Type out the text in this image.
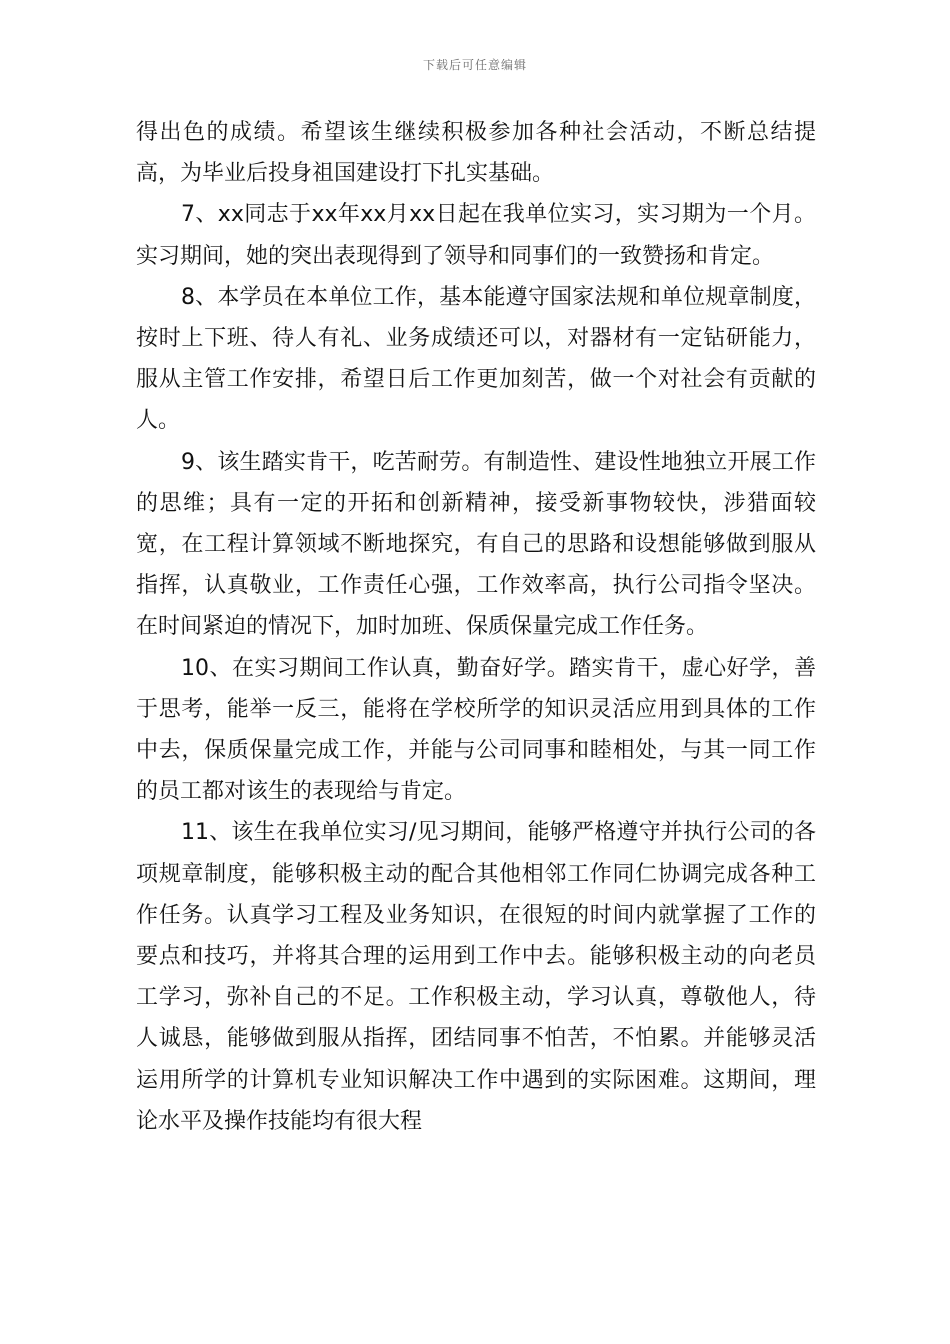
下载后可任意编辑

得出色的成绩。希望该生继续积极参加各种社会活动，不断总结提高，为毕业后投身祖国建设打下扎实基础。

7、xx同志于xx年xx月xx日起在我单位实习，实习期为一个月。实习期间，她的突出表现得到了领导和同事们的一致赞扬和肯定。

8、本学员在本单位工作，基本能遵守国家法规和单位规章制度，按时上下班、待人有礼、业务成绩还可以，对器材有一定钻研能力，服从主管工作安排，希望日后工作更加刻苦，做一个对社会有贡献的人。

9、该生踏实肯干，吃苦耐劳。有制造性、建设性地独立开展工作的思维；具有一定的开拓和创新精神，接受新事物较快，涉猎面较宽，在工程计算领域不断地探究，有自己的思路和设想能够做到服从指挥，认真敬业，工作责任心强，工作效率高，执行公司指令坚决。在时间紧迫的情况下，加时加班、保质保量完成工作任务。

10、在实习期间工作认真，勤奋好学。踏实肯干，虚心好学，善于思考，能举一反三，能将在学校所学的知识灵活应用到具体的工作中去，保质保量完成工作，并能与公司同事和睦相处，与其一同工作的员工都对该生的表现给与肯定。

11、该生在我单位实习/见习期间，能够严格遵守并执行公司的各项规章制度，能够积极主动的配合其他相邻工作同仁协调完成各种工作任务。认真学习工程及业务知识，在很短的时间内就掌握了工作的要点和技巧，并将其合理的运用到工作中去。能够积极主动的向老员工学习，弥补自己的不足。工作积极主动，学习认真，尊敬他人，待人诚恳，能够做到服从指挥，团结同事不怕苦，不怕累。并能够灵活运用所学的计算机专业知识解决工作中遇到的实际困难。这期间，理论水平及操作技能均有很大程
